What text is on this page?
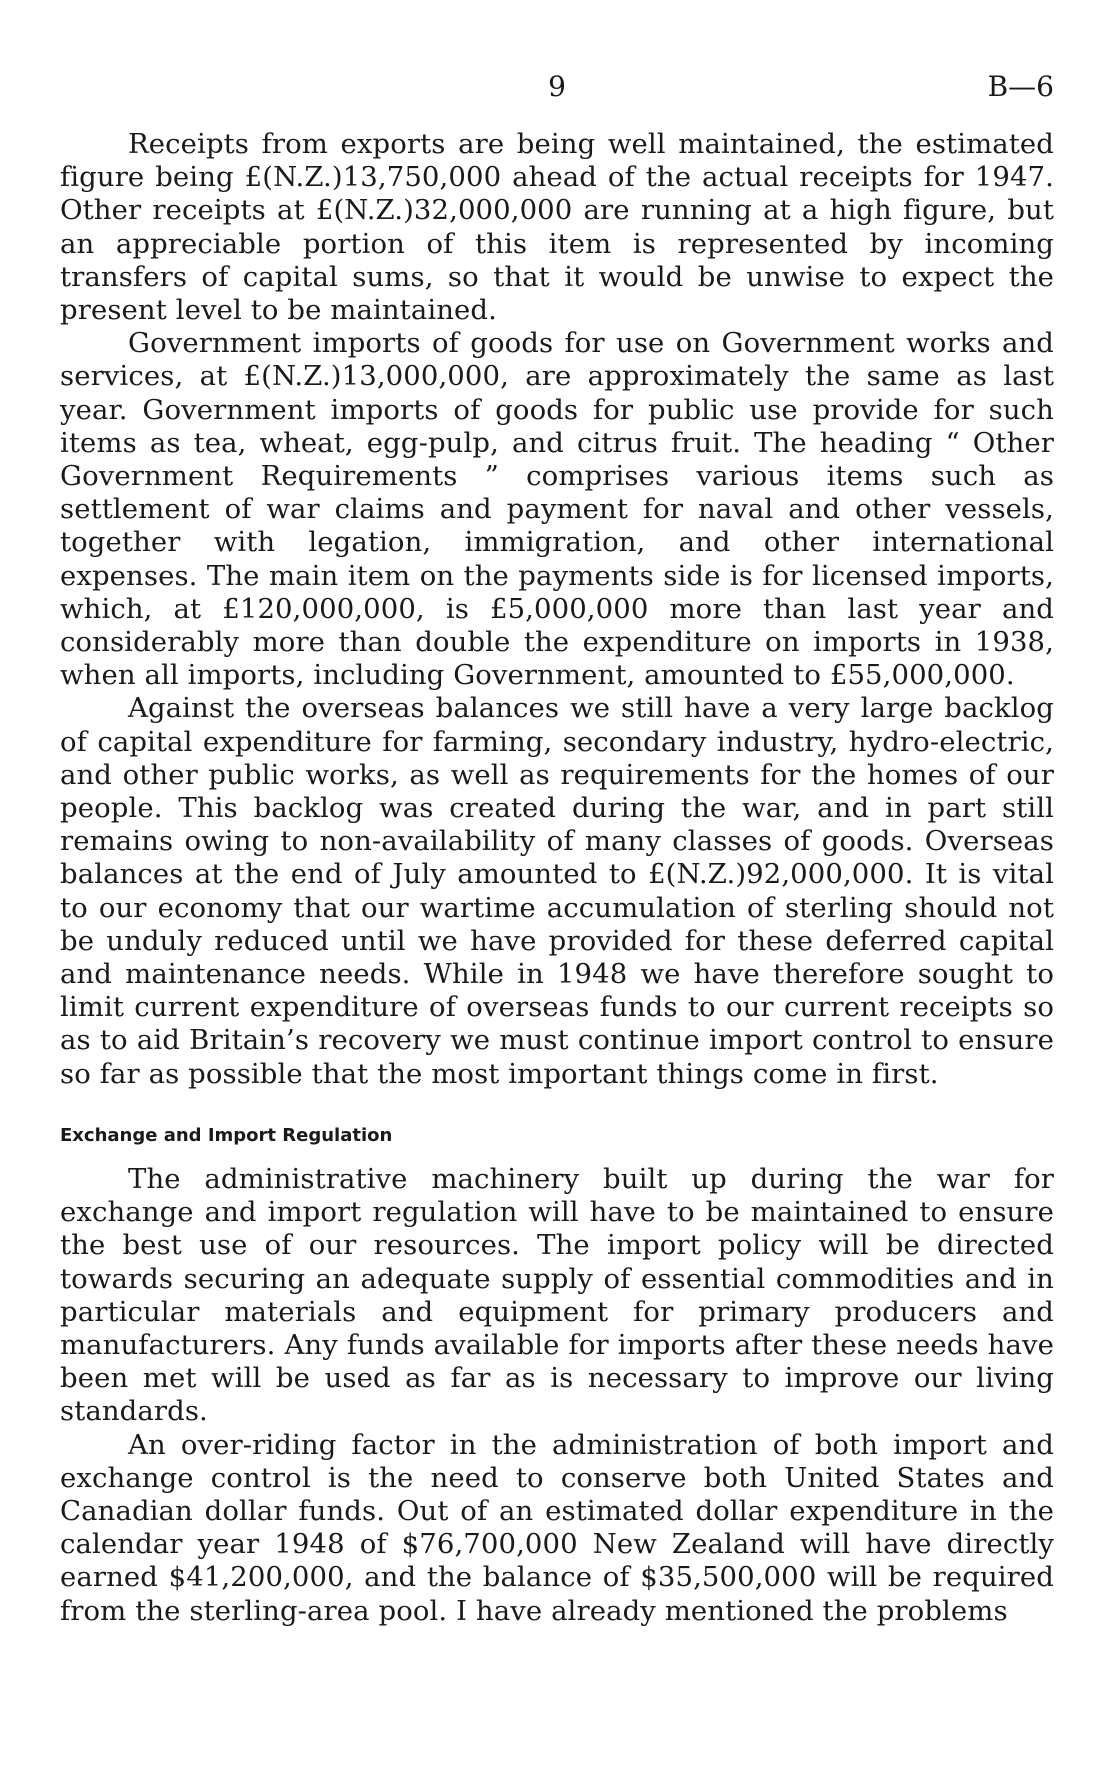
9	B—6

Receipts from exports are being well maintained, the estimated figure being £(N.Z.)13,750,000 ahead of the actual receipts for 1947. Other receipts at £(N.Z.)32,000,000 are running at a high figure, but an appreciable portion of this item is represented by incoming transfers of capital sums, so that it would be unwise to expect the present level to be maintained.

Government imports of goods for use on Government works and services, at £(N.Z.)13,000,000, are approximately the same as last year. Government imports of goods for public use provide for such items as tea, wheat, egg-pulp, and citrus fruit. The heading “ Other Government Requirements ” comprises various items such as settlement of war claims and payment for naval and other vessels, together with legation, immigration, and other international expenses. The main item on the payments side is for licensed imports, which, at £120,000,000, is £5,000,000 more than last year and considerably more than double the expenditure on imports in 1938, when all imports, including Government, amounted to £55,000,000.

Against the overseas balances we still have a very large backlog of capital expenditure for farming, secondary industry, hydro-electric, and other public works, as well as requirements for the homes of our people. This backlog was created during the war, and in part still remains owing to non-availability of many classes of goods. Overseas balances at the end of July amounted to £(N.Z.)92,000,000. It is vital to our economy that our wartime accumulation of sterling should not be unduly reduced until we have provided for these deferred capital and maintenance needs. While in 1948 we have therefore sought to limit current expenditure of overseas funds to our current receipts so as to aid Britain’s recovery we must continue import control to ensure so far as possible that the most important things come in first.

Exchange and Import Regulation

The administrative machinery built up during the war for exchange and import regulation will have to be maintained to ensure the best use of our resources. The import policy will be directed towards securing an adequate supply of essential commodities and in particular materials and equipment for primary producers and manufacturers. Any funds available for imports after these needs have been met will be used as far as is necessary to improve our living standards.

An over-riding factor in the administration of both import and exchange control is the need to conserve both United States and Canadian dollar funds. Out of an estimated dollar expenditure in the calendar year 1948 of $76,700,000 New Zealand will have directly earned $41,200,000, and the balance of $35,500,000 will be required from the sterling-area pool. I have already mentioned the problems
